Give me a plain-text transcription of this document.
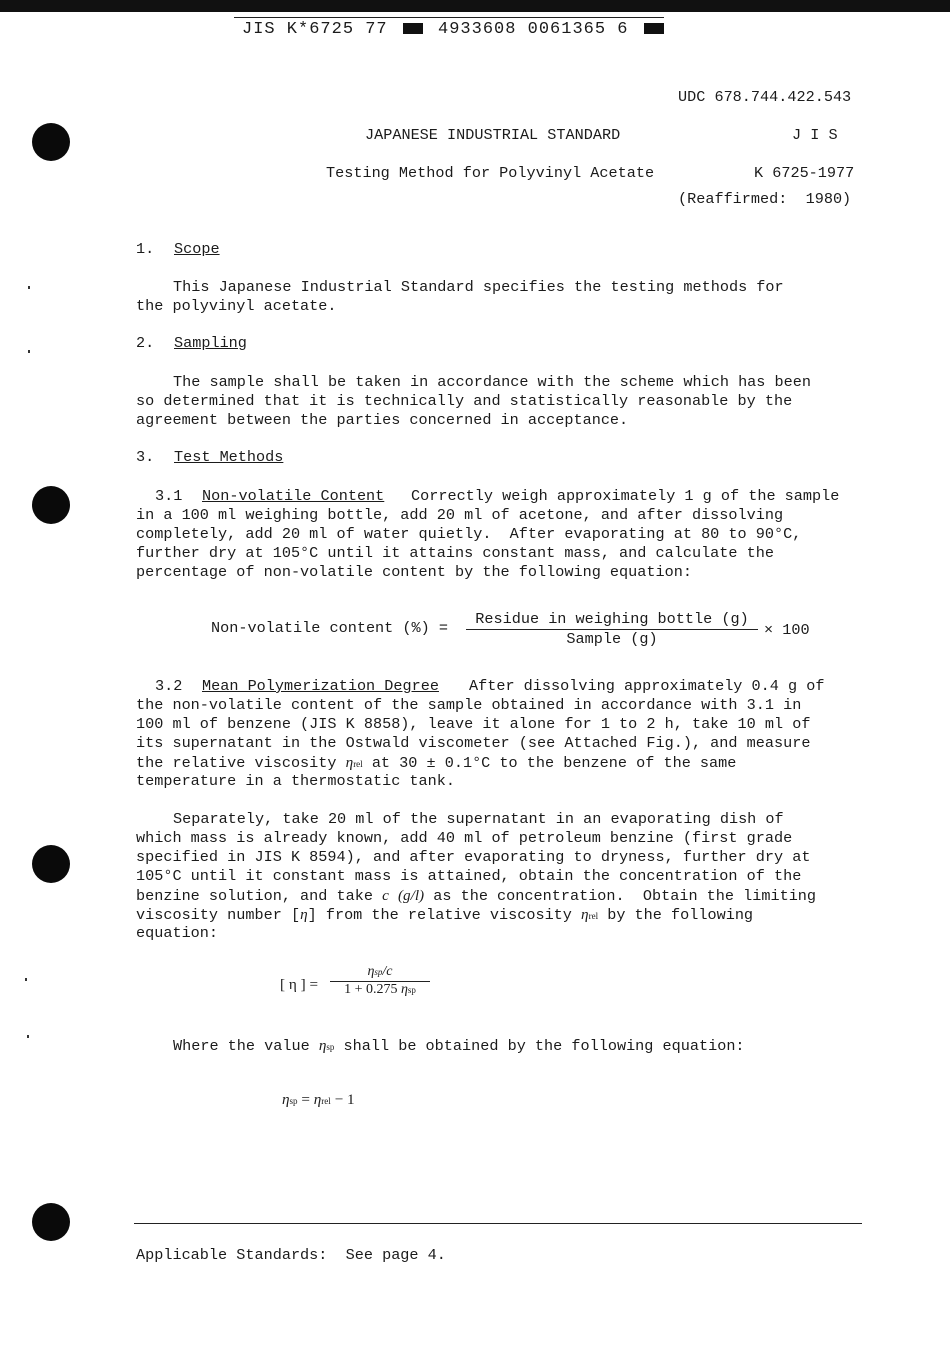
JIS K*6725 77	4933608 0061365 6
UDC 678.744.422.543
JAPANESE INDUSTRIAL STANDARD	J I S
Testing Method for Polyvinyl Acetate	K 6725-1977
(Reaffirmed:  1980)
1. Scope
This Japanese Industrial Standard specifies the testing methods for
the polyvinyl acetate.
2. Sampling
The sample shall be taken in accordance with the scheme which has been
so determined that it is technically and statistically reasonable by the
agreement between the parties concerned in acceptance.
3. Test Methods
3.1 Non-volatile Content Correctly weigh approximately 1 g of the sample
in a 100 ml weighing bottle, add 20 ml of acetone, and after dissolving
completely, add 20 ml of water quietly.  After evaporating at 80 to 90°C,
further dry at 105°C until it attains constant mass, and calculate the
percentage of non-volatile content by the following equation:
Non-volatile content (%) =	Residue in weighing bottle (g)
Sample (g)	× 100
3.2 Mean Polymerization Degree After dissolving approximately 0.4 g of
the non-volatile content of the sample obtained in accordance with 3.1 in
100 ml of benzene (JIS K 8858), leave it alone for 1 to 2 h, take 10 ml of
its supernatant in the Ostwald viscometer (see Attached Fig.), and measure
the relative viscosity ηrel at 30 ± 0.1°C to the benzene of the same
temperature in a thermostatic tank.
Separately, take 20 ml of the supernatant in an evaporating dish of
which mass is already known, add 40 ml of petroleum benzine (first grade
specified in JIS K 8594), and after evaporating to dryness, further dry at
105°C until it constant mass is attained, obtain the concentration of the
benzine solution, and take c (g/l) as the concentration.  Obtain the limiting
viscosity number [η] from the relative viscosity ηrel by the following
equation:
[ η ] =
ηsp/c
1 + 0.275 ηsp
Where the value ηsp shall be obtained by the following equation:
ηsp = ηrel − 1
Applicable Standards:  See page 4.
